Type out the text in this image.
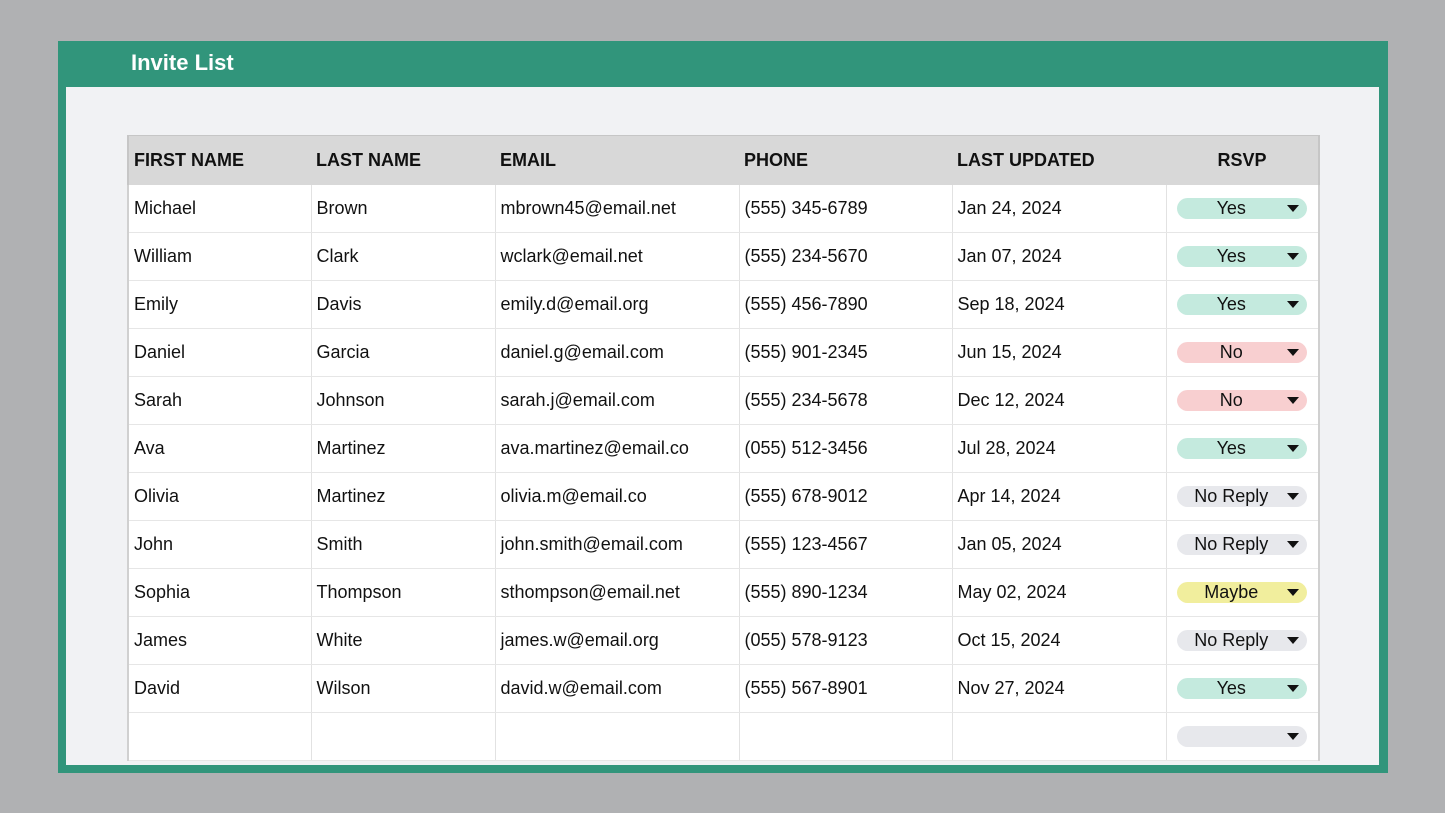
Invite List
FIRST NAME	LAST NAME	EMAIL	PHONE	LAST UPDATED	RSVP
Michael	Brown	mbrown45@email.net	(555) 345-6789	Jan 24, 2024	Yes

William	Clark	wclark@email.net	(555) 234-5670	Jan 07, 2024	Yes

Emily	Davis	emily.d@email.org	(555) 456-7890	Sep 18, 2024	Yes

Daniel	Garcia	daniel.g@email.com	(555) 901-2345	Jun 15, 2024	No

Sarah	Johnson	sarah.j@email.com	(555) 234-5678	Dec 12, 2024	No

Ava	Martinez	ava.martinez@email.co	(055) 512-3456	Jul 28, 2024	Yes

Olivia	Martinez	olivia.m@email.co	(555) 678-9012	Apr 14, 2024	No Reply

John	Smith	john.smith@email.com	(555) 123-4567	Jan 05, 2024	No Reply

Sophia	Thompson	sthompson@email.net	(555) 890-1234	May 02, 2024	Maybe

James	White	james.w@email.org	(055) 578-9123	Oct 15, 2024	No Reply

David	Wilson	david.w@email.com	(555) 567-8901	Nov 27, 2024	Yes
